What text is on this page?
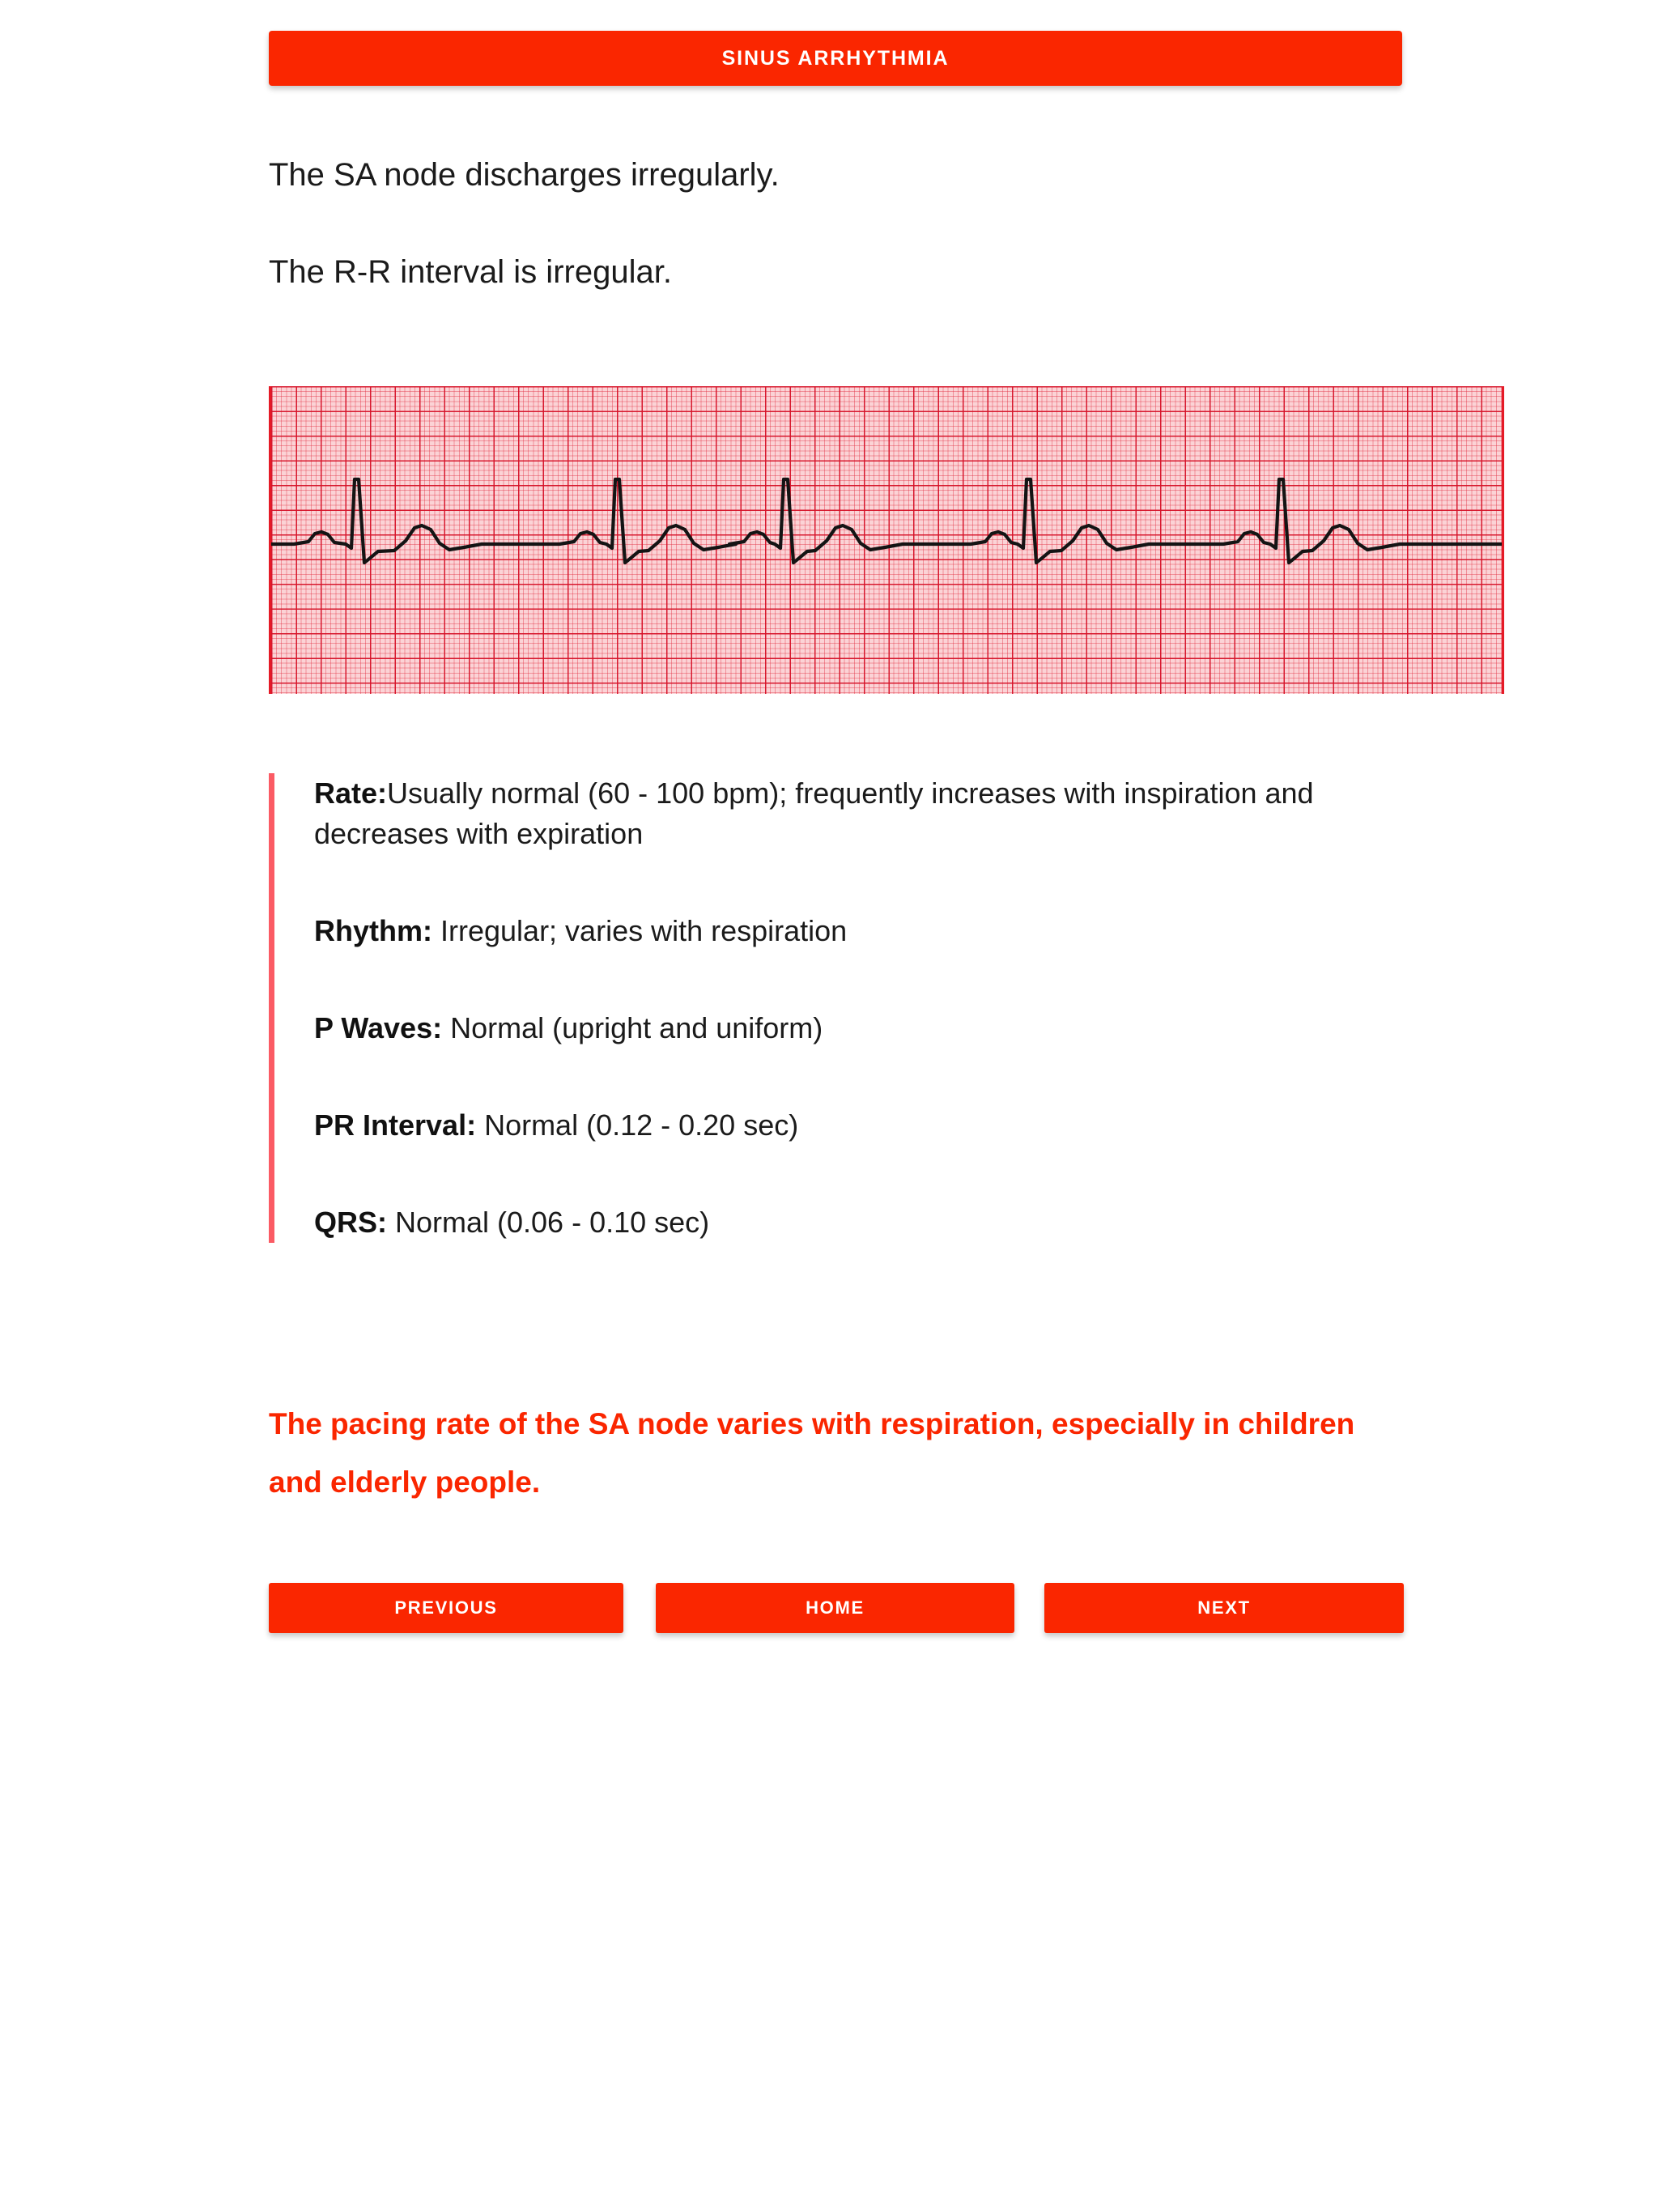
SINUS ARRHYTHMIA

The SA node discharges irregularly.

The R-R interval is irregular.

Rate:Usually normal (60 - 100 bpm); frequently increases with inspiration and decreases with expiration

Rhythm: Irregular; varies with respiration

P Waves: Normal (upright and uniform)

PR Interval: Normal (0.12 - 0.20 sec)

QRS: Normal (0.06 - 0.10 sec)

The pacing rate of the SA node varies with respiration, especially in children and elderly people.
PREVIOUS	HOME	NEXT
